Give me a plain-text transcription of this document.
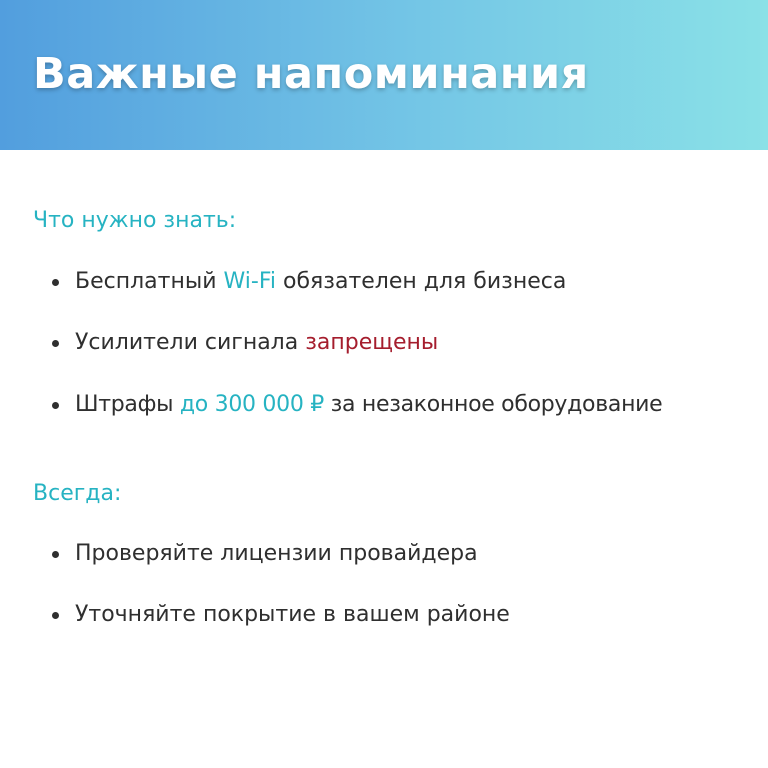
Важные напоминания
Что нужно знать:
Бесплатный Wi-Fi обязателен для бизнеса
Усилители сигнала запрещены
Штрафы до 300 000 ₽ за незаконное оборудование
Всегда:
Проверяйте лицензии провайдера
Уточняйте покрытие в вашем районе
